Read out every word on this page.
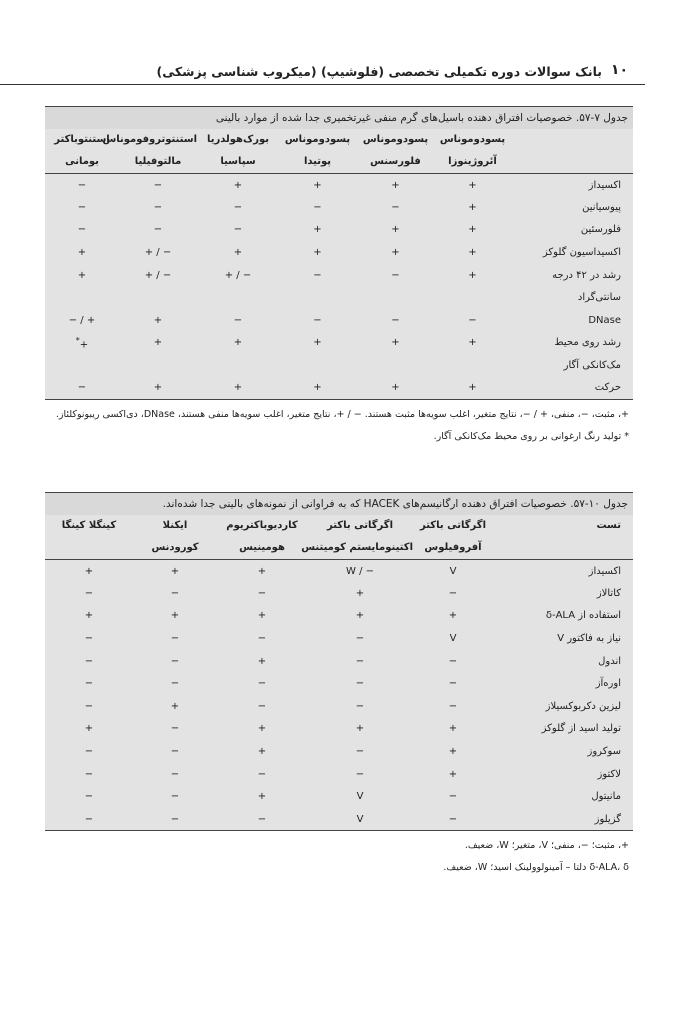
۱۰
بانک سوالات دوره تکمیلی تخصصی (فلوشیپ) (میکروب شناسی پزشکی)
جدول ۷-۵۷. خصوصیات افتراق دهنده باسیل‌های گرم منفی غیرتخمیری جدا شده از موارد بالینی
	پسودوموناس	پسودوموناس	پسودوموناس	بورک‌هولدریا	استنتوتروفوموناس	استنتوباکتر
	آئروژینوزا	فلورسنس	پوتیدا	سپاسیا	مالتوفیلیا	بومانی
اکسیداز	+	+	+	+	−	−
پیوسیانین	+	−	−	−	−	−
فلورسئین	+	+	+	−	−	−
اکسیداسیون گلوکز	+	+	+	+	+ / −	+
رشد در ۴۲ درجه	+	−	−	+ / −	+ / −	+
سانتی‌گراد						
DNase	−	−	−	−	+	− / +
رشد روی محیط	+	+	+	+	+	+*
مک‌کانکی آگار						
حرکت	+	+	+	+	+	−
+، مثبت، −، منفی، + / −، نتایج متغیر، اغلب سویه‌ها مثبت هستند. − / +، نتایج متغیر، اغلب سویه‌ها منفی هستند، DNase، دی‌اکسی ریبونوکلئاز.
* تولید رنگ ارغوانی بر روی محیط مک‌کانکی آگار.
جدول ۱۰-۵۷. خصوصیات افتراق دهنده ارگانیسم‌های HACEK که به فراوانی از نمونه‌های بالینی جدا شده‌اند.
تست	اگرگاتی باکتر	اگرگاتی باکتر	کاردیوباکتریوم	ایکنلا	کینگلا کینگا
	آفروفیلوس	اکتینومایستم کومیتنس	هومینیس	کورودنس	
اکسیداز	V	W / −	+	+	+
کاتالاز	−	+	−	−	−
استفاده از δ-ALA	+	+	+	+	+
نیاز به فاکتور V	V	−	−	−	−
اندول	−	−	+	−	−
اوره‌آز	−	−	−	−	−
لیزین دکربوکسیلاز	−	−	−	+	−
تولید اسید از گلوکز	+	+	+	−	+
سوکروز	+	−	+	−	−
لاکتوز	+	−	−	−	−
مانیتول	−	V	+	−	−
گزیلوز	−	V	−	−	−
+، مثبت؛ −، منفی؛ V، متغیر؛ W، ضعیف.
δ-ALA، δ دلتا – آمینولوولینک اسید؛ W، ضعیف.
